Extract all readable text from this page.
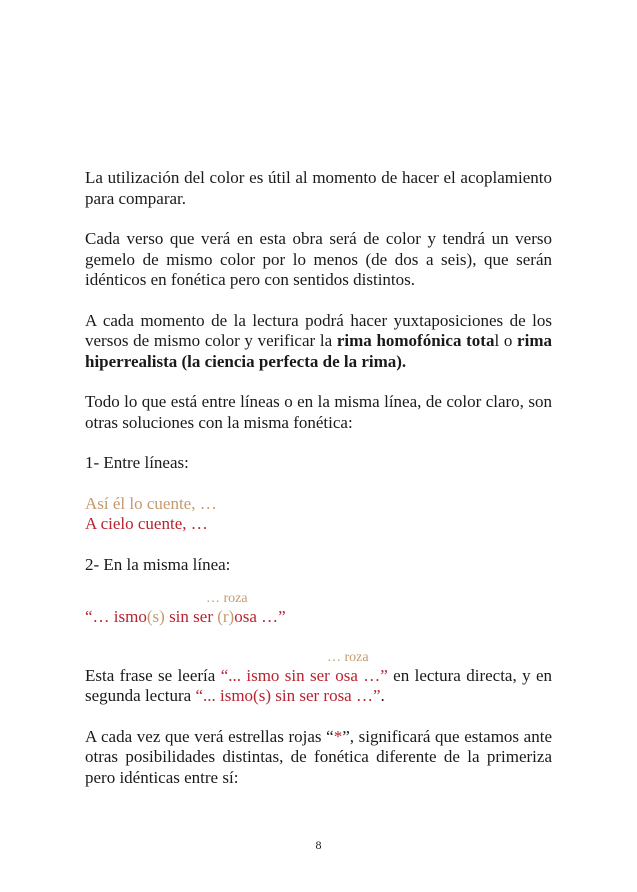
La utilización del color es útil al momento de hacer el acoplamiento para comparar.

Cada verso que verá en esta obra será de color y tendrá un verso gemelo de mismo color por lo menos (de dos a seis), que serán idénticos en fonética pero con sentidos distintos.

A cada momento de la lectura podrá hacer yuxtaposiciones de los versos de mismo color y verificar la rima homofónica total o rima hiperrealista (la ciencia perfecta de la rima).

Todo lo que está entre líneas o en la misma línea, de color claro, son otras soluciones con la misma fonética:

1- Entre líneas:

Así él lo cuente, …

A cielo cuente, …

2- En la misma línea:

… roza

“… ismo(s) sin ser (r)osa …”

… roza

Esta frase se leería “... ismo sin ser osa …” en lectura directa, y en segunda lectura “... ismo(s) sin ser rosa …”.

A cada vez que verá estrellas rojas “*”, significará que estamos ante otras posibilidades distintas, de fonética diferente de la primeriza pero idénticas entre sí:

8
